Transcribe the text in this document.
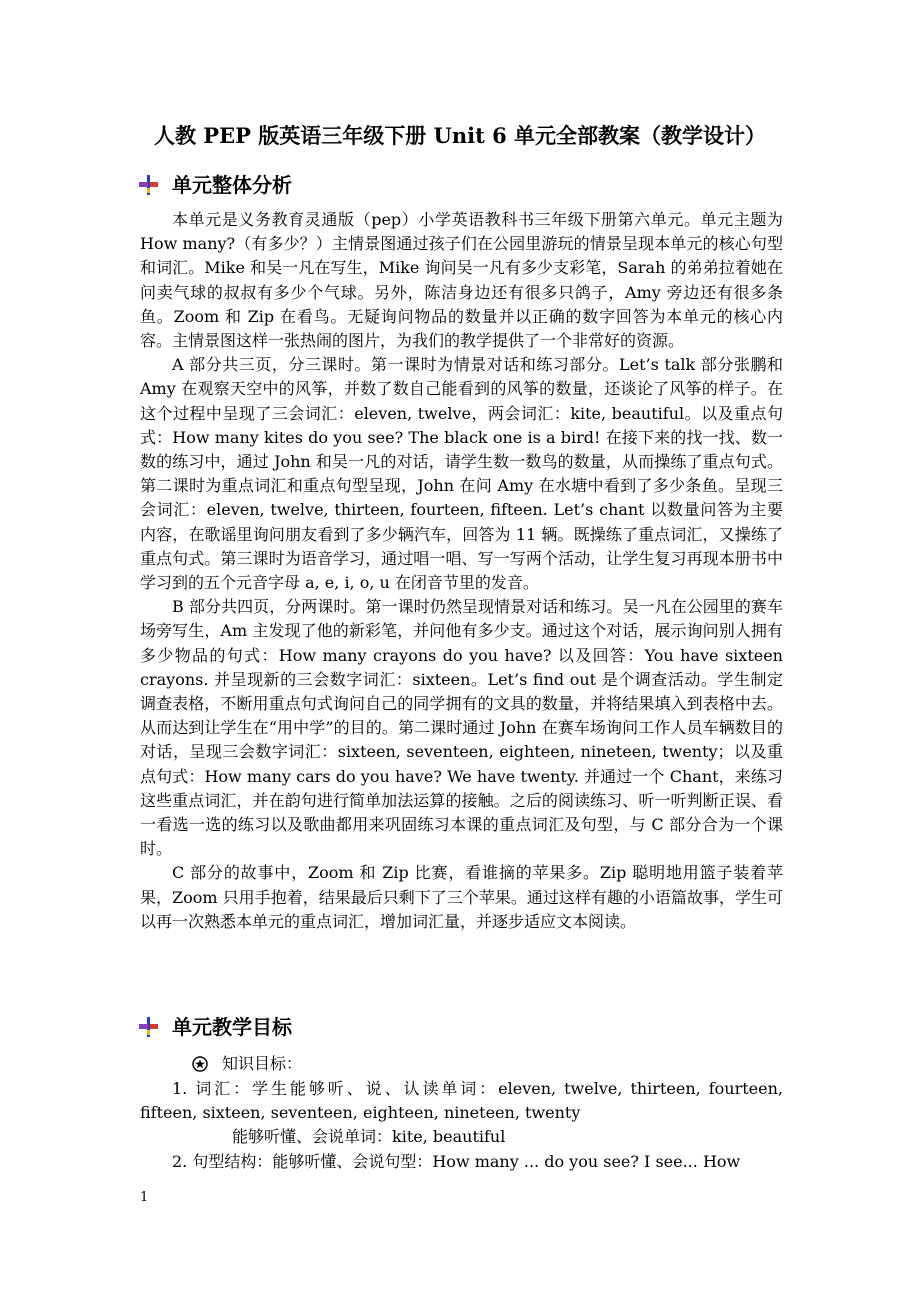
人教 PEP 版英语三年级下册 Unit 6 单元全部教案（教学设计）
单元整体分析

本单元是义务教育灵通版（pep）小学英语教科书三年级下册第六单元。单元主题为 How many?（有多少？）主情景图通过孩子们在公园里游玩的情景呈现本单元的核心句型和词汇。Mike 和吴一凡在写生，Mike 询问吴一凡有多少支彩笔，Sarah 的弟弟拉着她在问卖气球的叔叔有多少个气球。另外，陈洁身边还有很多只鸽子，Amy 旁边还有很多条鱼。Zoom 和 Zip 在看鸟。无疑询问物品的数量并以正确的数字回答为本单元的核心内容。主情景图这样一张热闹的图片，为我们的教学提供了一个非常好的资源。

A 部分共三页，分三课时。第一课时为情景对话和练习部分。Let’s talk 部分张鹏和 Amy 在观察天空中的风筝，并数了数自己能看到的风筝的数量，还谈论了风筝的样子。在这个过程中呈现了三会词汇：eleven, twelve，两会词汇：kite, beautiful。以及重点句式：How many kites do you see? The black one is a bird! 在接下来的找一找、数一数的练习中，通过 John 和吴一凡的对话，请学生数一数鸟的数量，从而操练了重点句式。第二课时为重点词汇和重点句型呈现，John 在问 Amy 在水塘中看到了多少条鱼。呈现三会词汇：eleven, twelve, thirteen, fourteen, fifteen. Let’s chant 以数量问答为主要内容，在歌谣里询问朋友看到了多少辆汽车，回答为 11 辆。既操练了重点词汇，又操练了重点句式。第三课时为语音学习，通过唱一唱、写一写两个活动，让学生复习再现本册书中学习到的五个元音字母 a, e, i, o, u 在闭音节里的发音。

B 部分共四页，分两课时。第一课时仍然呈现情景对话和练习。吴一凡在公园里的赛车场旁写生，Am 主发现了他的新彩笔，并问他有多少支。通过这个对话，展示询问别人拥有多少物品的句式：How many crayons do you have? 以及回答：You have sixteen crayons. 并呈现新的三会数字词汇：sixteen。Let’s find out 是个调查活动。学生制定调查表格，不断用重点句式询问自己的同学拥有的文具的数量，并将结果填入到表格中去。从而达到让学生在“用中学”的目的。第二课时通过 John 在赛车场询问工作人员车辆数目的对话，呈现三会数字词汇：sixteen, seventeen, eighteen, nineteen, twenty；以及重点句式：How many cars do you have? We have twenty. 并通过一个 Chant，来练习这些重点词汇，并在韵句进行简单加法运算的接触。之后的阅读练习、听一听判断正误、看一看选一选的练习以及歌曲都用来巩固练习本课的重点词汇及句型，与 C 部分合为一个课时。

C 部分的故事中，Zoom 和 Zip 比赛，看谁摘的苹果多。Zip 聪明地用篮子装着苹果，Zoom 只用手抱着，结果最后只剩下了三个苹果。通过这样有趣的小语篇故事，学生可以再一次熟悉本单元的重点词汇，增加词汇量，并逐步适应文本阅读。

单元教学目标
知识目标：

1. 词汇：学生能够听、说、认读单词：eleven, twelve, thirteen, fourteen, fifteen, sixteen, seventeen, eighteen, nineteen, twenty

能够听懂、会说单词：kite, beautiful

2. 句型结构：能够听懂、会说句型：How many ... do you see? I see... How

1
